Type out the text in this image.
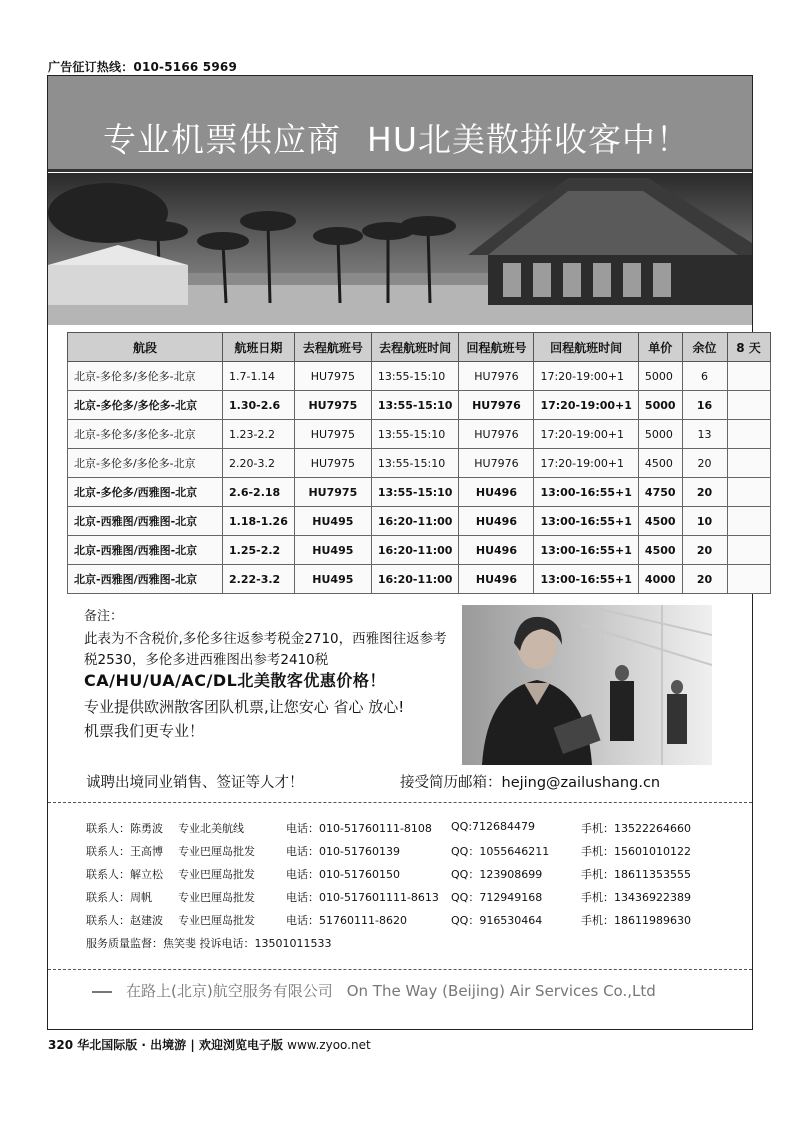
广告征订热线：010-5166 5969
专业机票供应商 HU北美散拼收客中！
航段	航班日期	去程航班号	去程航班时间	回程航班号	回程航班时间	单价	余位	8 天
北京-多伦多/多伦多-北京	1.7-1.14	HU7975	13:55-15:10	HU7976	17:20-19:00+1	5000	6	
北京-多伦多/多伦多-北京	1.30-2.6	HU7975	13:55-15:10	HU7976	17:20-19:00+1	5000	16	
北京-多伦多/多伦多-北京	1.23-2.2	HU7975	13:55-15:10	HU7976	17:20-19:00+1	5000	13	
北京-多伦多/多伦多-北京	2.20-3.2	HU7975	13:55-15:10	HU7976	17:20-19:00+1	4500	20	
北京-多伦多/西雅图-北京	2.6-2.18	HU7975	13:55-15:10	HU496	13:00-16:55+1	4750	20	
北京-西雅图/西雅图-北京	1.18-1.26	HU495	16:20-11:00	HU496	13:00-16:55+1	4500	10	
北京-西雅图/西雅图-北京	1.25-2.2	HU495	16:20-11:00	HU496	13:00-16:55+1	4500	20	
北京-西雅图/西雅图-北京	2.22-3.2	HU495	16:20-11:00	HU496	13:00-16:55+1	4000	20	
备注：
此表为不含税价,多伦多往返参考税金2710，西雅图往返参考
税2530，多伦多进西雅图出参考2410税
CA/HU/UA/AC/DL北美散客优惠价格！
专业提供欧洲散客团队机票,让您安心 省心 放心!
机票我们更专业！
诚聘出境同业销售、签证等人才！	接受简历邮箱：hejing@zailushang.cn
联系人：陈勇波 专业北美航线	电话：010-51760111-8108 QQ:712684479	手机：13522264660
联系人：王高博 专业巴厘岛批发	电话：010-51760139	QQ：1055646211	手机：15601010122
联系人：解立松 专业巴厘岛批发	电话：010-51760150	QQ：123908699	手机：18611353555
联系人：周帆 专业巴厘岛批发	电话：010-517601111-8613 QQ：712949168	手机：13436922389
联系人：赵建波 专业巴厘岛批发	电话：51760111-8620	QQ：916530464	手机：18611989630
服务质量监督：焦笑斐 投诉电话：13501011533
在路上(北京)航空服务有限公司 On The Way (Beijing) Air Services Co.,Ltd
320 华北国际版 · 出境游 | 欢迎浏览电子版 www.zyoo.net
